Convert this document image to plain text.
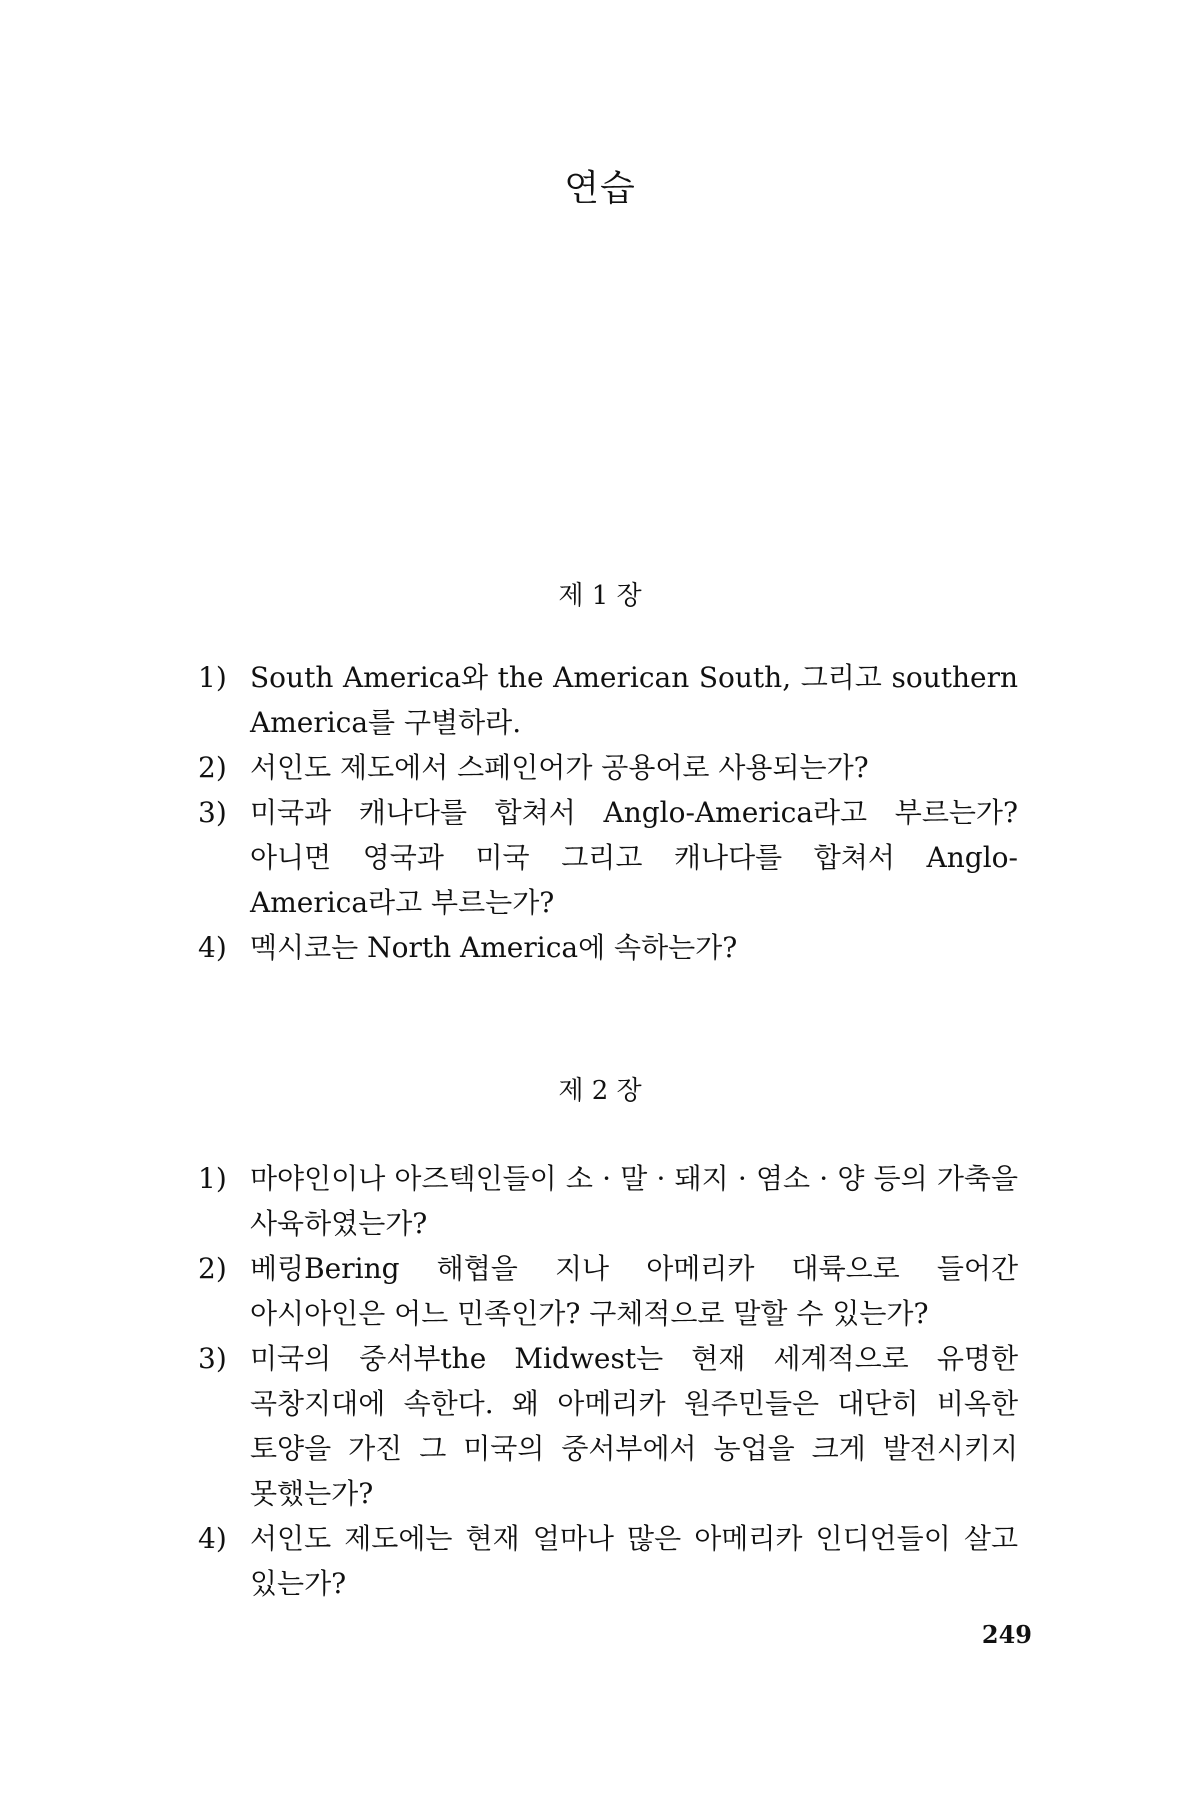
연습
제 1 장
1) South America와 the American South, 그리고 southern America를 구별하라.
2) 서인도 제도에서 스페인어가 공용어로 사용되는가?
3) 미국과 캐나다를 합쳐서 Anglo-America라고 부르는가? 아니면 영국과 미국 그리고 캐나다를 합쳐서 Anglo-America라고 부르는가?
4) 멕시코는 North America에 속하는가?
제 2 장
1) 마야인이나 아즈텍인들이 소 · 말 · 돼지 · 염소 · 양 등의 가축을 사육하였는가?
2) 베링Bering 해협을 지나 아메리카 대륙으로 들어간 아시아인은 어느 민족인가? 구체적으로 말할 수 있는가?
3) 미국의 중서부the Midwest는 현재 세계적으로 유명한 곡창지대에 속한다. 왜 아메리카 원주민들은 대단히 비옥한 토양을 가진 그 미국의 중서부에서 농업을 크게 발전시키지 못했는가?
4) 서인도 제도에는 현재 얼마나 많은 아메리카 인디언들이 살고 있는가?
249
